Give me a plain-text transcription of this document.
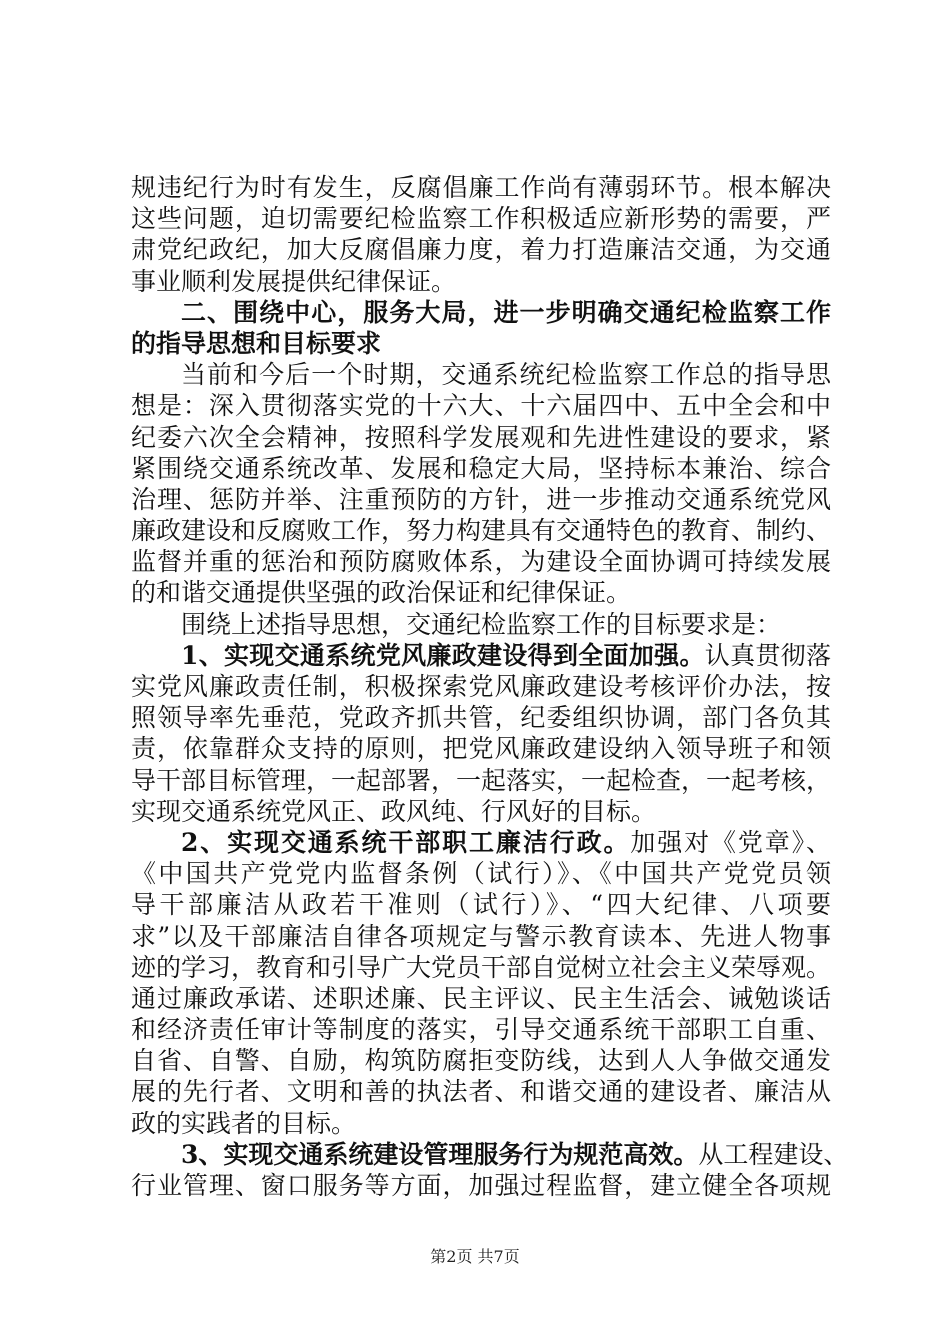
规违纪行为时有发生，反腐倡廉工作尚有薄弱环节。根本解决
这些问题，迫切需要纪检监察工作积极适应新形势的需要，严
肃党纪政纪，加大反腐倡廉力度，着力打造廉洁交通，为交通
事业顺利发展提供纪律保证。
二、围绕中心，服务大局，进一步明确交通纪检监察工作
的指导思想和目标要求
当前和今后一个时期，交通系统纪检监察工作总的指导思
想是：深入贯彻落实党的十六大、十六届四中、五中全会和中
纪委六次全会精神，按照科学发展观和先进性建设的要求，紧
紧围绕交通系统改革、发展和稳定大局，坚持标本兼治、综合
治理、惩防并举、注重预防的方针，进一步推动交通系统党风
廉政建设和反腐败工作，努力构建具有交通特色的教育、制约、
监督并重的惩治和预防腐败体系，为建设全面协调可持续发展
的和谐交通提供坚强的政治保证和纪律保证。
围绕上述指导思想，交通纪检监察工作的目标要求是：
1、实现交通系统党风廉政建设得到全面加强。认真贯彻落
实党风廉政责任制，积极探索党风廉政建设考核评价办法，按
照领导率先垂范，党政齐抓共管，纪委组织协调，部门各负其
责，依靠群众支持的原则，把党风廉政建设纳入领导班子和领
导干部目标管理，一起部署，一起落实，一起检查，一起考核，
实现交通系统党风正、政风纯、行风好的目标。
2、实现交通系统干部职工廉洁行政。加强对《党章》、
《中国共产党党内监督条例（试行）》、《中国共产党党员领
导干部廉洁从政若干准则（试行）》、“四大纪律、八项要
求”以及干部廉洁自律各项规定与警示教育读本、先进人物事
迹的学习，教育和引导广大党员干部自觉树立社会主义荣辱观。
通过廉政承诺、述职述廉、民主评议、民主生活会、诫勉谈话
和经济责任审计等制度的落实，引导交通系统干部职工自重、
自省、自警、自励，构筑防腐拒变防线，达到人人争做交通发
展的先行者、文明和善的执法者、和谐交通的建设者、廉洁从
政的实践者的目标。
3、实现交通系统建设管理服务行为规范高效。从工程建设、
行业管理、窗口服务等方面，加强过程监督，建立健全各项规
第2页 共7页
